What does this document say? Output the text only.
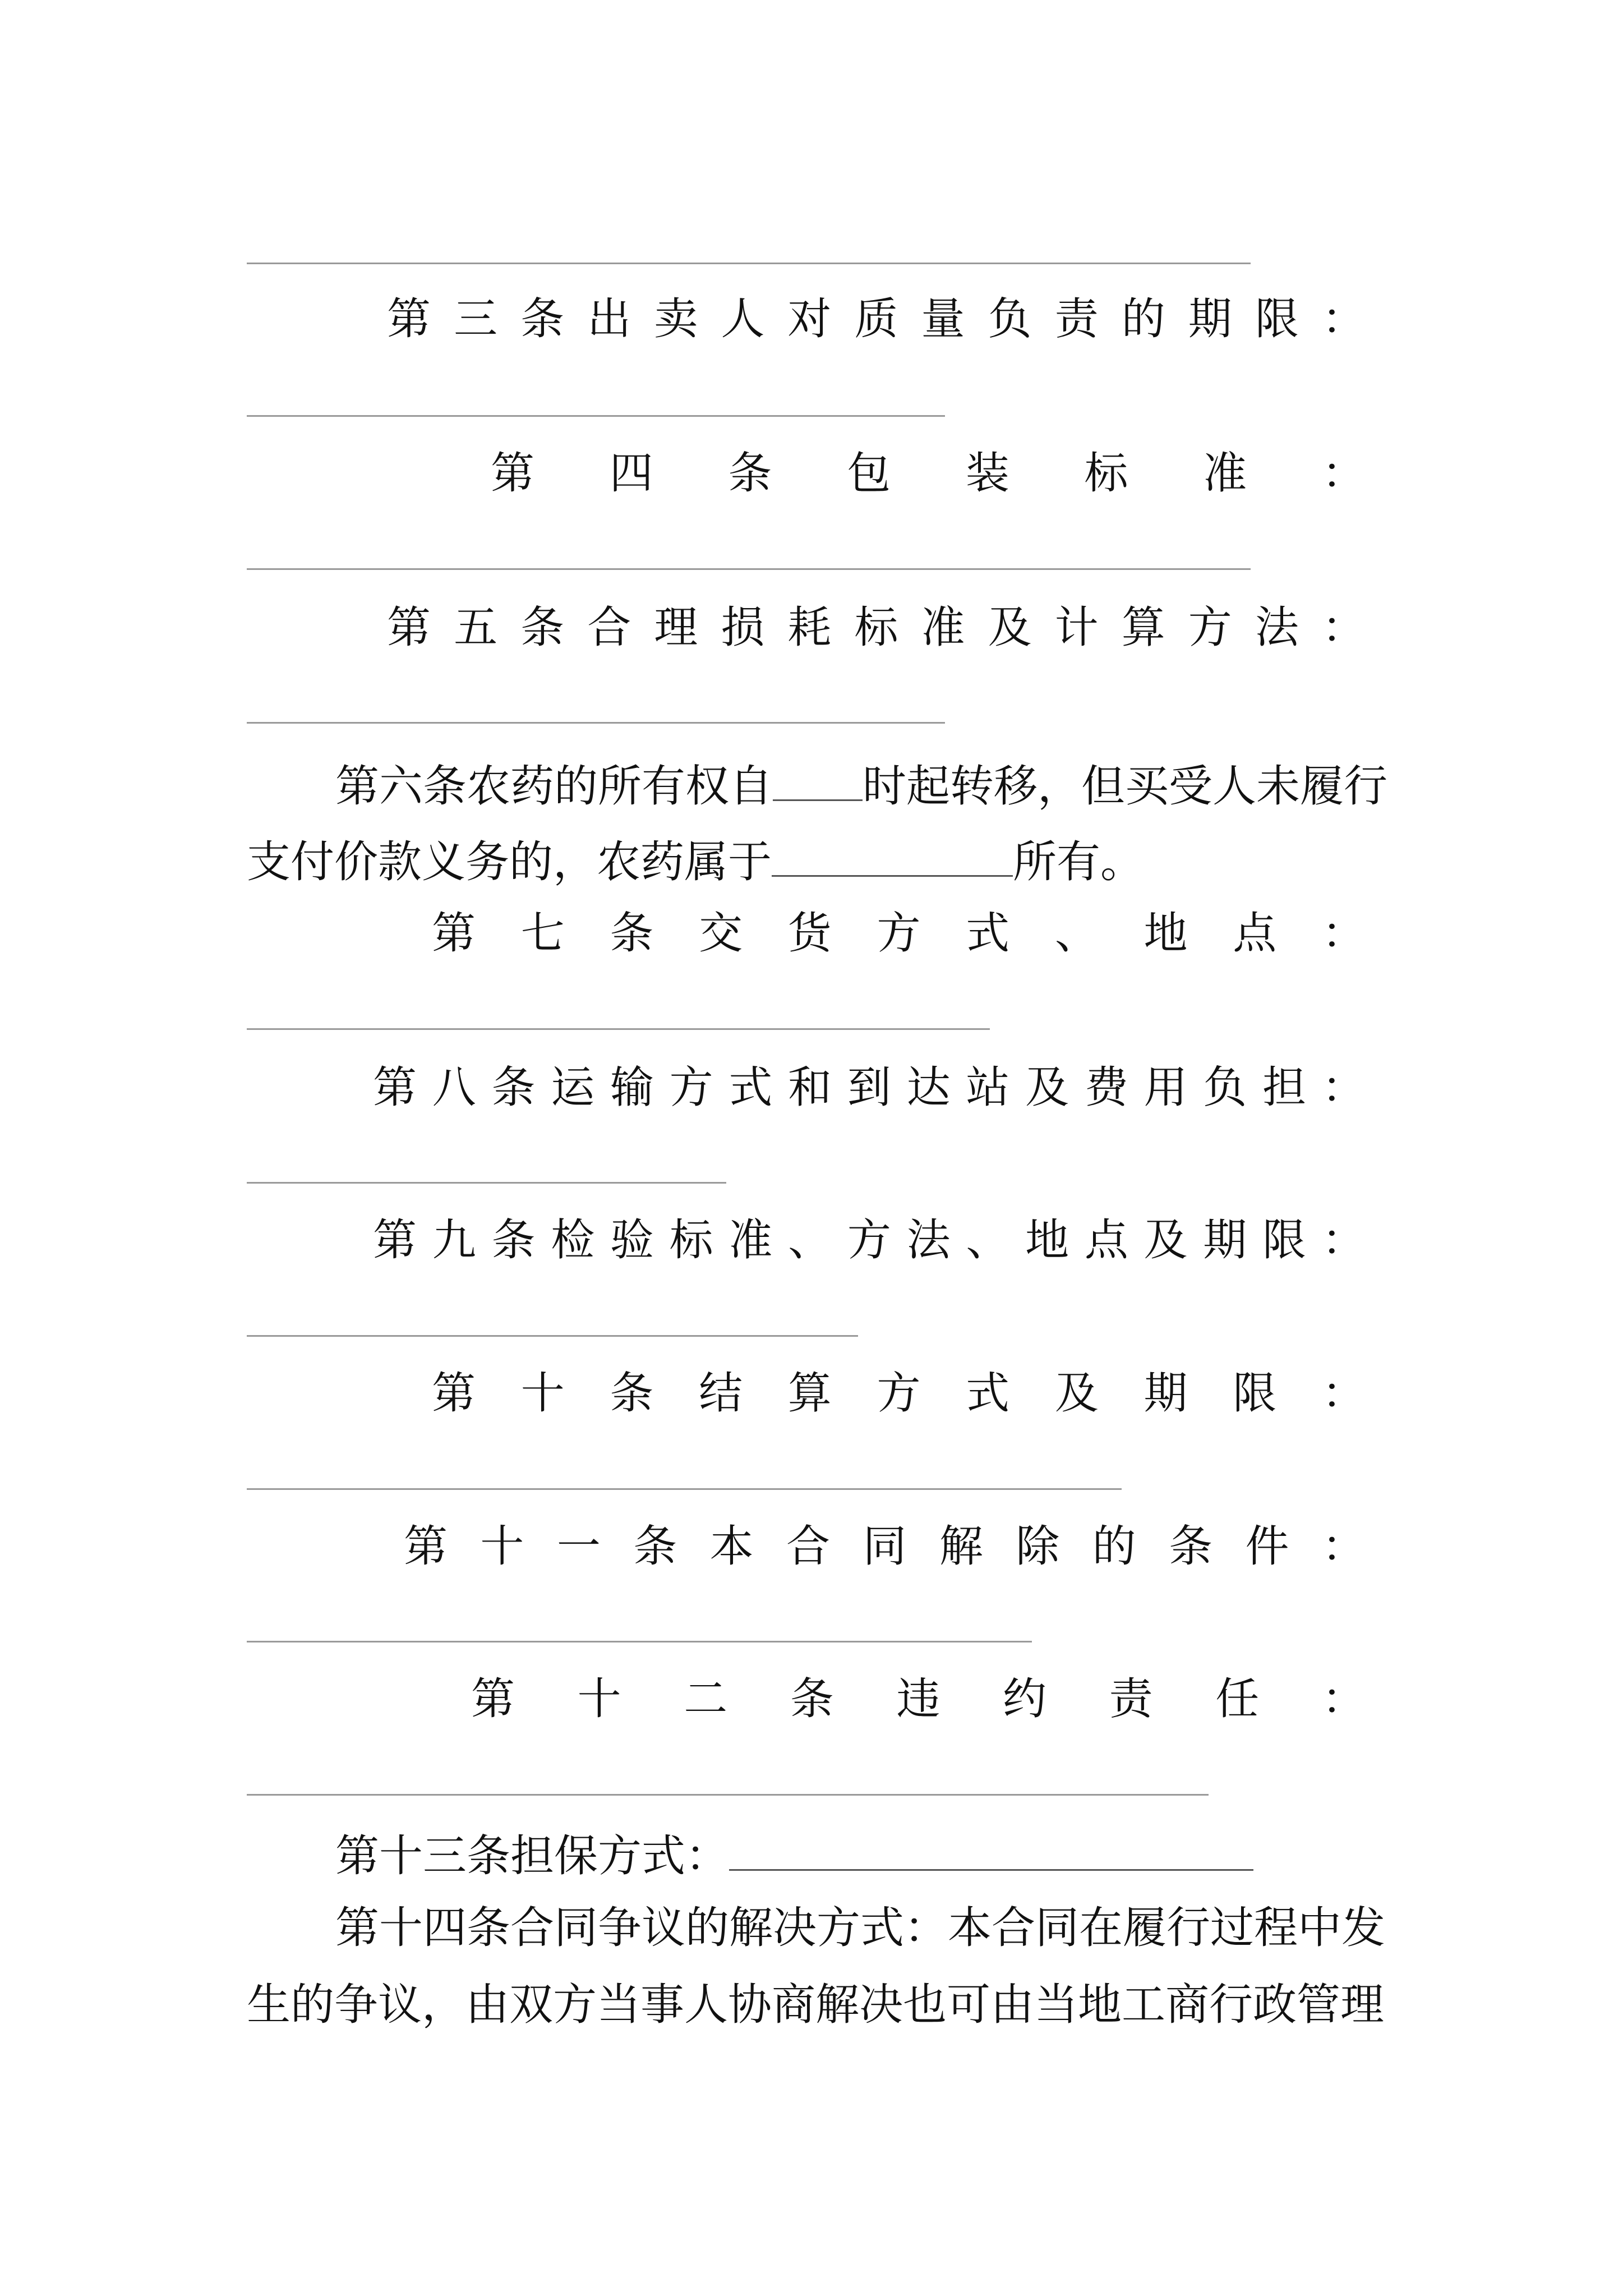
第 三 条 出 卖 人 对 质 量 负 责 的 期 限 ：
第 四 条 包 装 标 准 ：
第 五 条 合 理 损 耗 标 准 及 计 算 方 法 ：
第六条农药的所有权自 时起转移，但买受人未履行
支付价款义务的，农药属于	所有。
第 七 条 交 货 方 式 、 地 点 ：
第 八 条 运 输 方 式 和 到 达 站 及 费 用 负 担 ：
第 九 条 检 验 标 准 、 方 法 、 地 点 及 期 限 ：
第 十 条 结 算 方 式 及 期 限 ：
第 十 一 条 本 合 同 解 除 的 条 件 ：
第 十 二 条 违 约 责 任 ：
第十三条担保方式：
第十四条合同争议的解决方式：本合同在履行过程中发
生的争议，由双方当事人协商解决也可由当地工商行政管理
